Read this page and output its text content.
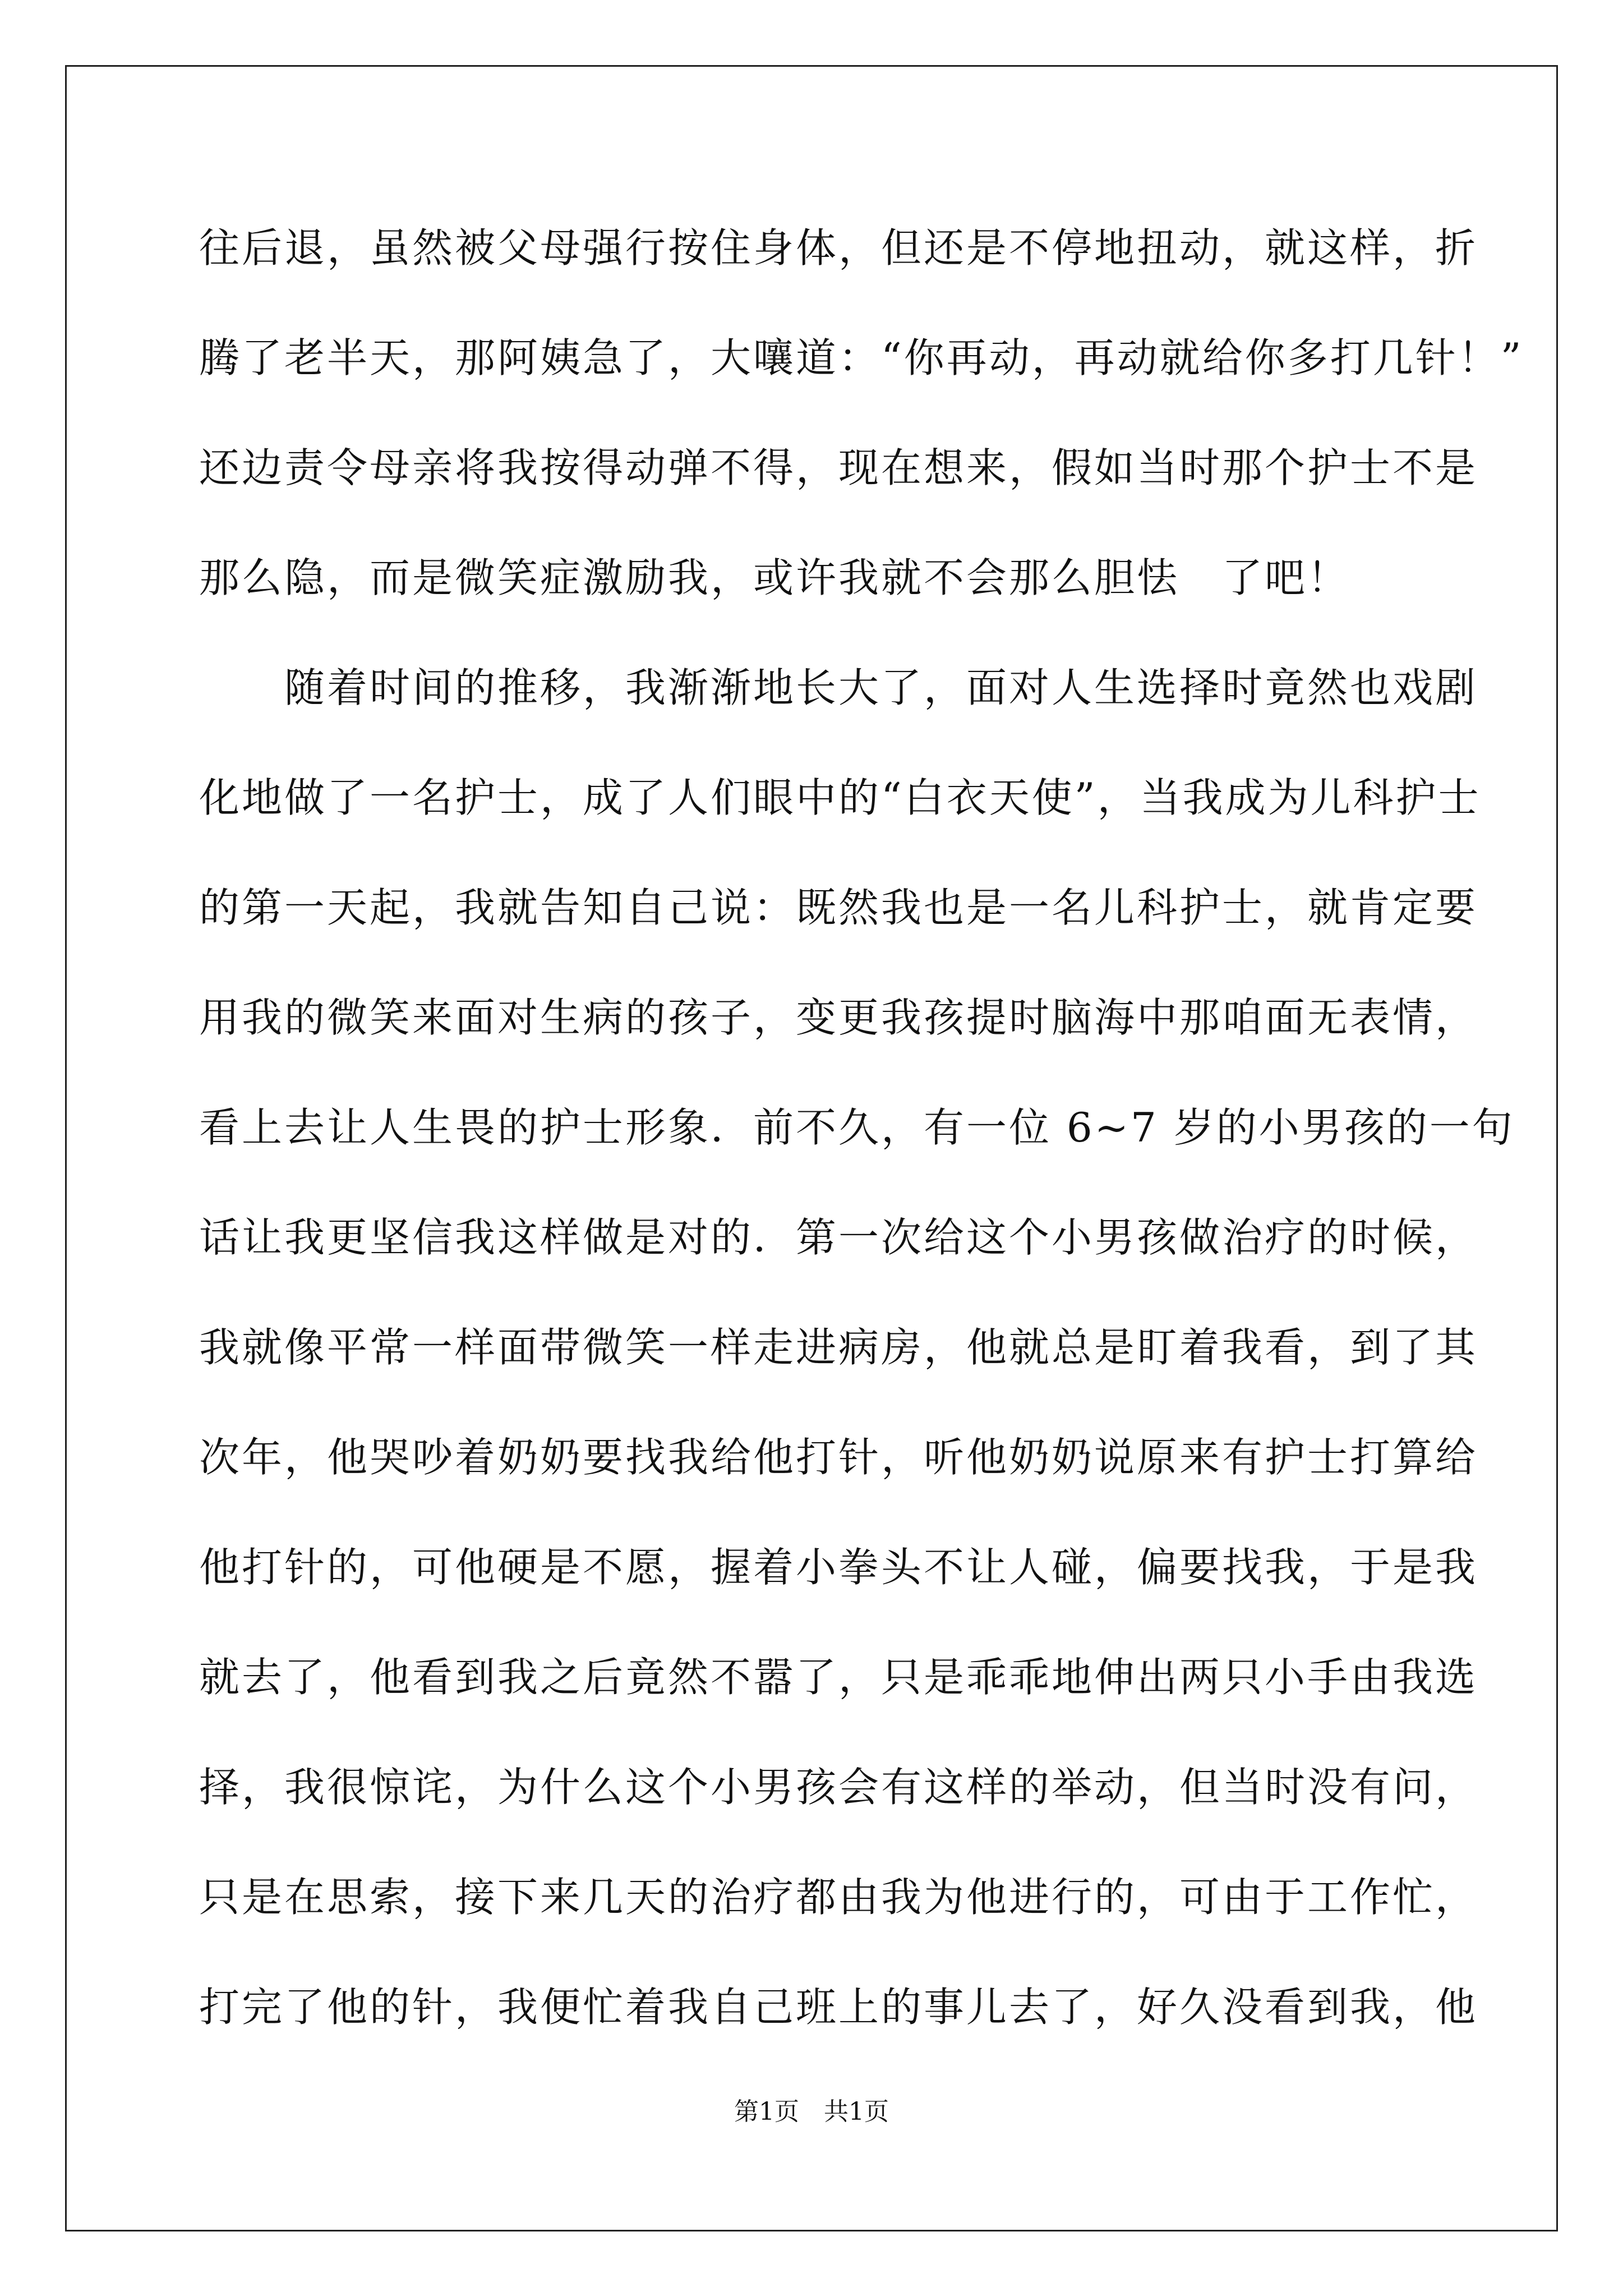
往后退，虽然被父母强行按住身体，但还是不停地扭动，就这样，折
腾了老半天，那阿姨急了，大嚷道：“你再动，再动就给你多打几针！”
还边责令母亲将我按得动弹不得，现在想来，假如当时那个护士不是
那么隐，而是微笑症激励我，或许我就不会那么胆怯　了吧！
　　随着时间的推移，我渐渐地长大了，面对人生选择时竟然也戏剧
化地做了一名护士，成了人们眼中的“白衣天使”，当我成为儿科护士
的第一天起，我就告知自己说：既然我也是一名儿科护士，就肯定要
用我的微笑来面对生病的孩子，变更我孩提时脑海中那咱面无表情，
看上去让人生畏的护士形象．前不久，有一位 6~7 岁的小男孩的一句
话让我更坚信我这样做是对的．第一次给这个小男孩做治疗的时候，
我就像平常一样面带微笑一样走进病房，他就总是盯着我看，到了其
次年，他哭吵着奶奶要找我给他打针，听他奶奶说原来有护士打算给
他打针的，可他硬是不愿，握着小拳头不让人碰，偏要找我，于是我
就去了，他看到我之后竟然不嚣了，只是乖乖地伸出两只小手由我选
择，我很惊诧，为什么这个小男孩会有这样的举动，但当时没有问，
只是在思索，接下来几天的治疗都由我为他进行的，可由于工作忙，
打完了他的针，我便忙着我自己班上的事儿去了，好久没看到我，他
第1页　共1页
